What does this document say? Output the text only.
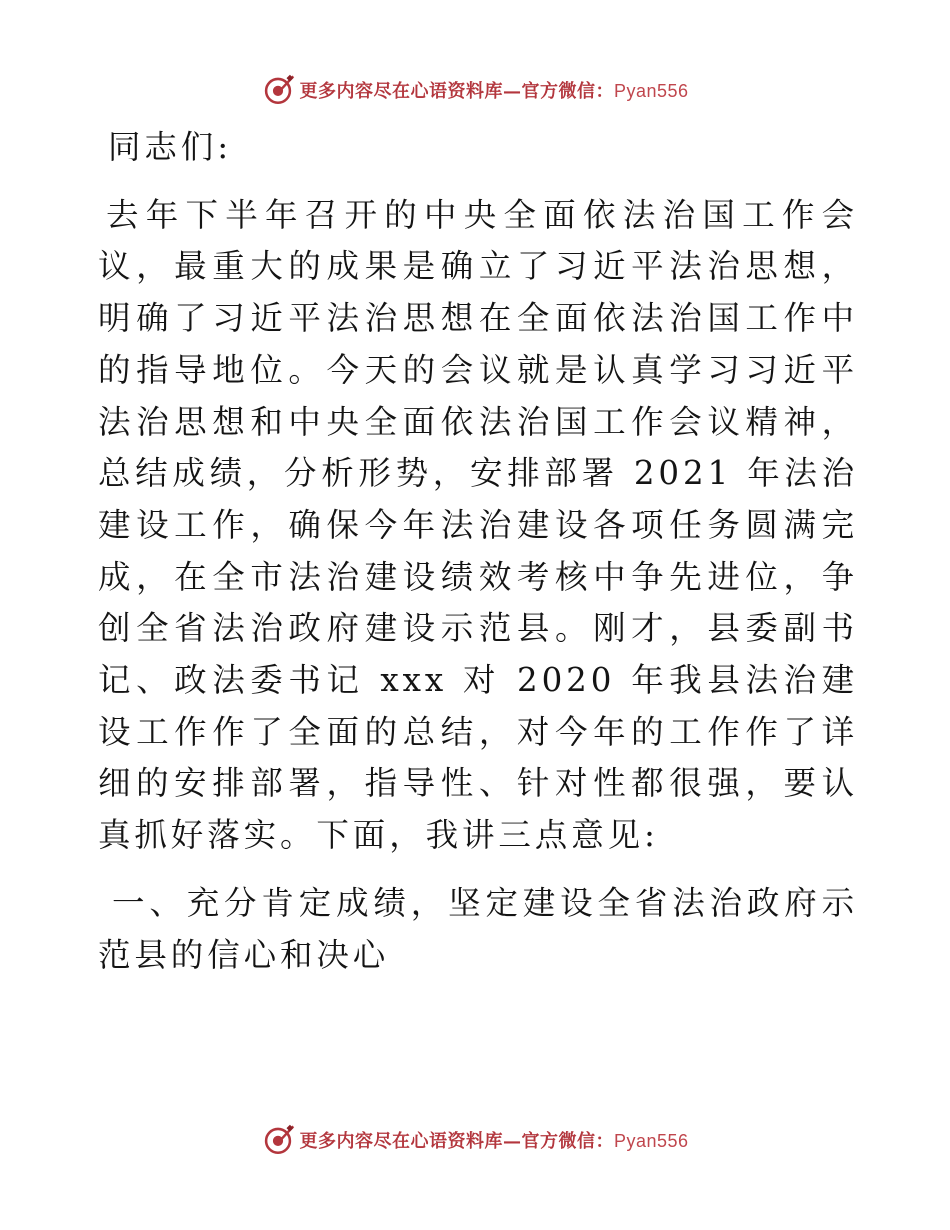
更多内容尽在心语资料库—官方微信：Pyan556

同志们:

去年下半年召开的中央全面依法治国工作会议，最重大的成果是确立了习近平法治思想，明确了习近平法治思想在全面依法治国工作中的指导地位。今天的会议就是认真学习习近平法治思想和中央全面依法治国工作会议精神，总结成绩，分析形势，安排部署 2021 年法治建设工作，确保今年法治建设各项任务圆满完成，在全市法治建设绩效考核中争先进位，争创全省法治政府建设示范县。刚才，县委副书记、政法委书记 xxx 对 2020 年我县法治建设工作作了全面的总结，对今年的工作作了详细的安排部署，指导性、针对性都很强，要认真抓好落实。下面，我讲三点意见:

一、充分肯定成绩，坚定建设全省法治政府示范县的信心和决心

更多内容尽在心语资料库—官方微信：Pyan556
